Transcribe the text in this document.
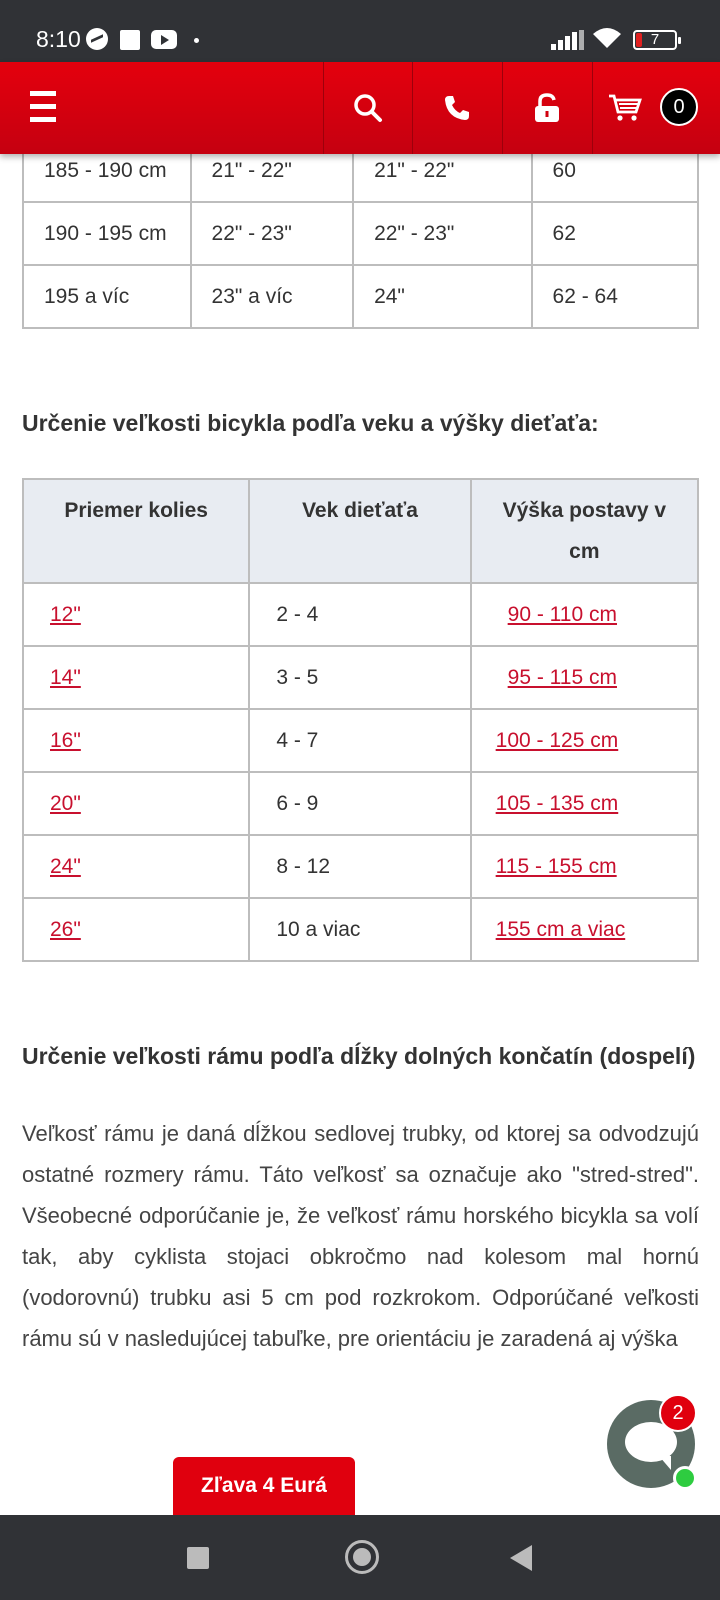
8:10	7
0
185 - 190 cm	21" - 22"	21" - 22"	60
190 - 195 cm	22" - 23"	22" - 23"	62
195 a víc	23" a víc	24"	62 - 64
Určenie veľkosti bicykla podľa veku a výšky dieťaťa:
Priemer kolies	Vek dieťaťa	Výška postavy v cm
12"	2 - 4	90 - 110 cm
14"	3 - 5	95 - 115 cm
16"	4 - 7	100 - 125 cm
20"	6 - 9	105 - 135 cm
24"	8 - 12	115 - 155 cm
26"	10 a viac	155 cm a viac
Určenie veľkosti rámu podľa dĺžky dolných končatín (dospelí)

Veľkosť rámu je daná dĺžkou sedlovej trubky, od ktorej sa odvodzujú ostatné rozmery rámu. Táto veľkosť sa označuje ako "stred-stred". Všeobecné odporúčanie je, že veľkosť rámu horského bicykla sa volí tak, aby cyklista stojaci obkročmo nad kolesom mal hornú (vodorovnú) trubku asi 5 cm pod rozkrokom. Odporúčané veľkosti rámu sú v nasledujúcej tabuľke, pre orientáciu je zaradená aj výška

Zľava 4 Eurá
2
